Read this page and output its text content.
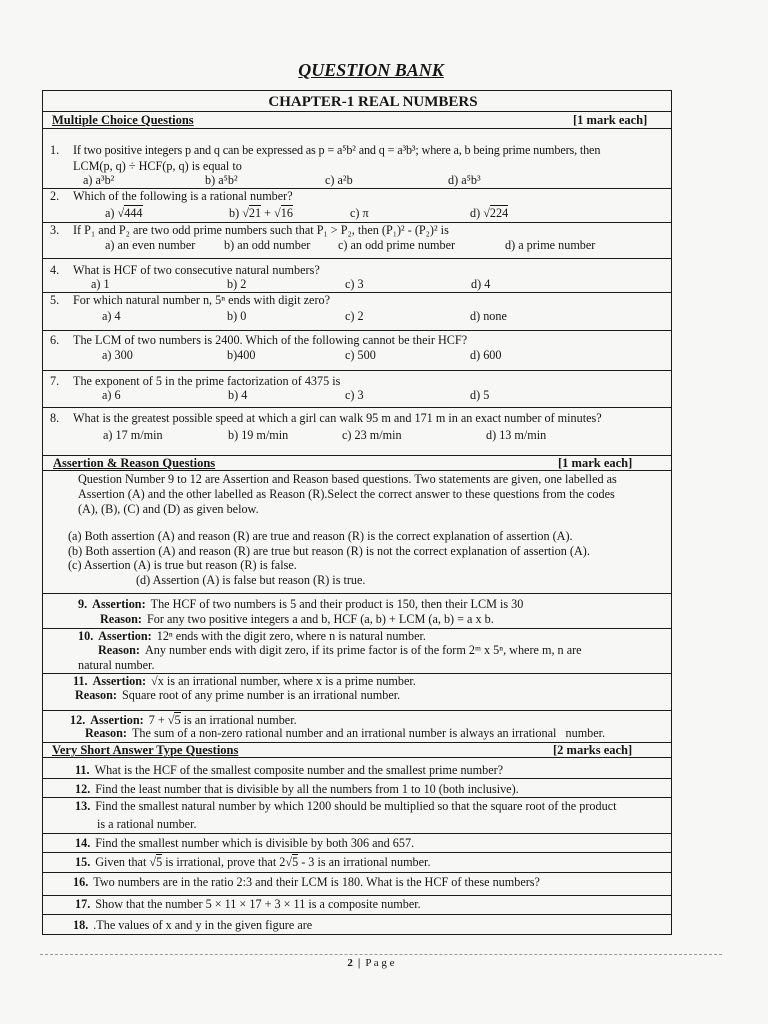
QUESTION BANK
CHAPTER-1 REAL NUMBERS
Multiple Choice Questions	[1 mark each]
1. If two positive integers p and q can be expressed as p = a⁵b² and q = a³b³; where a, b being prime numbers, then
LCM(p, q) ÷ HCF(p, q) is equal to
a) a³b²	b) a⁵b²	c) a²b	d) a⁵b³
2. Which of the following is a rational number?
a) √444	b) √21 + √16	c) π	d) √224
3. If P₁ and P₂ are two odd prime numbers such that P₁ > P₂, then (P₁)² - (P₂)² is
a) an even number b) an odd number c) an odd prime number	d) a prime number
4. What is HCF of two consecutive natural numbers?
a) 1	b) 2	c) 3	d) 4
5. For which natural number n, 5ⁿ ends with digit zero?
a) 4	b) 0	c) 2	d) none
6. The LCM of two numbers is 2400. Which of the following cannot be their HCF?
a) 300	b)400	c) 500	d) 600
7. The exponent of 5 in the prime factorization of 4375 is
a) 6	b) 4	c) 3	d) 5
8. What is the greatest possible speed at which a girl can walk 95 m and 171 m in an exact number of minutes?
a) 17 m/min	b) 19 m/min	c) 23 m/min	d) 13 m/min
Assertion & Reason Questions	[1 mark each]
Question Number 9 to 12 are Assertion and Reason based questions. Two statements are given, one labelled as
Assertion (A) and the other labelled as Reason (R).Select the correct answer to these questions from the codes
(A), (B), (C) and (D) as given below.
(a) Both assertion (A) and reason (R) are true and reason (R) is the correct explanation of assertion (A).
(b) Both assertion (A) and reason (R) are true but reason (R) is not the correct explanation of assertion (A).
(c) Assertion (A) is true but reason (R) is false.
(d) Assertion (A) is false but reason (R) is true.
9. Assertion: The HCF of two numbers is 5 and their product is 150, then their LCM is 30
Reason: For any two positive integers a and b, HCF (a, b) + LCM (a, b) = a x b.
10. Assertion: 12ⁿ ends with the digit zero, where n is natural number.
Reason: Any number ends with digit zero, if its prime factor is of the form 2ᵐ x 5ⁿ, where m, n are
natural number.
11. Assertion: √x is an irrational number, where x is a prime number.
Reason: Square root of any prime number is an irrational number.
12. Assertion: 7 + √5 is an irrational number.
Reason: The sum of a non-zero rational number and an irrational number is always an irrational   number.
Very Short Answer Type Questions	[2 marks each]
11. What is the HCF of the smallest composite number and the smallest prime number?
12. Find the least number that is divisible by all the numbers from 1 to 10 (both inclusive).
13. Find the smallest natural number by which 1200 should be multiplied so that the square root of the product
is a rational number.
14. Find the smallest number which is divisible by both 306 and 657.
15. Given that √5 is irrational, prove that 2√5 - 3 is an irrational number.
16. Two numbers are in the ratio 2:3 and their LCM is 180. What is the HCF of these numbers?
17. Show that the number 5 × 11 × 17 + 3 × 11 is a composite number.
18. .The values of x and y in the given figure are
2 | P a g e
